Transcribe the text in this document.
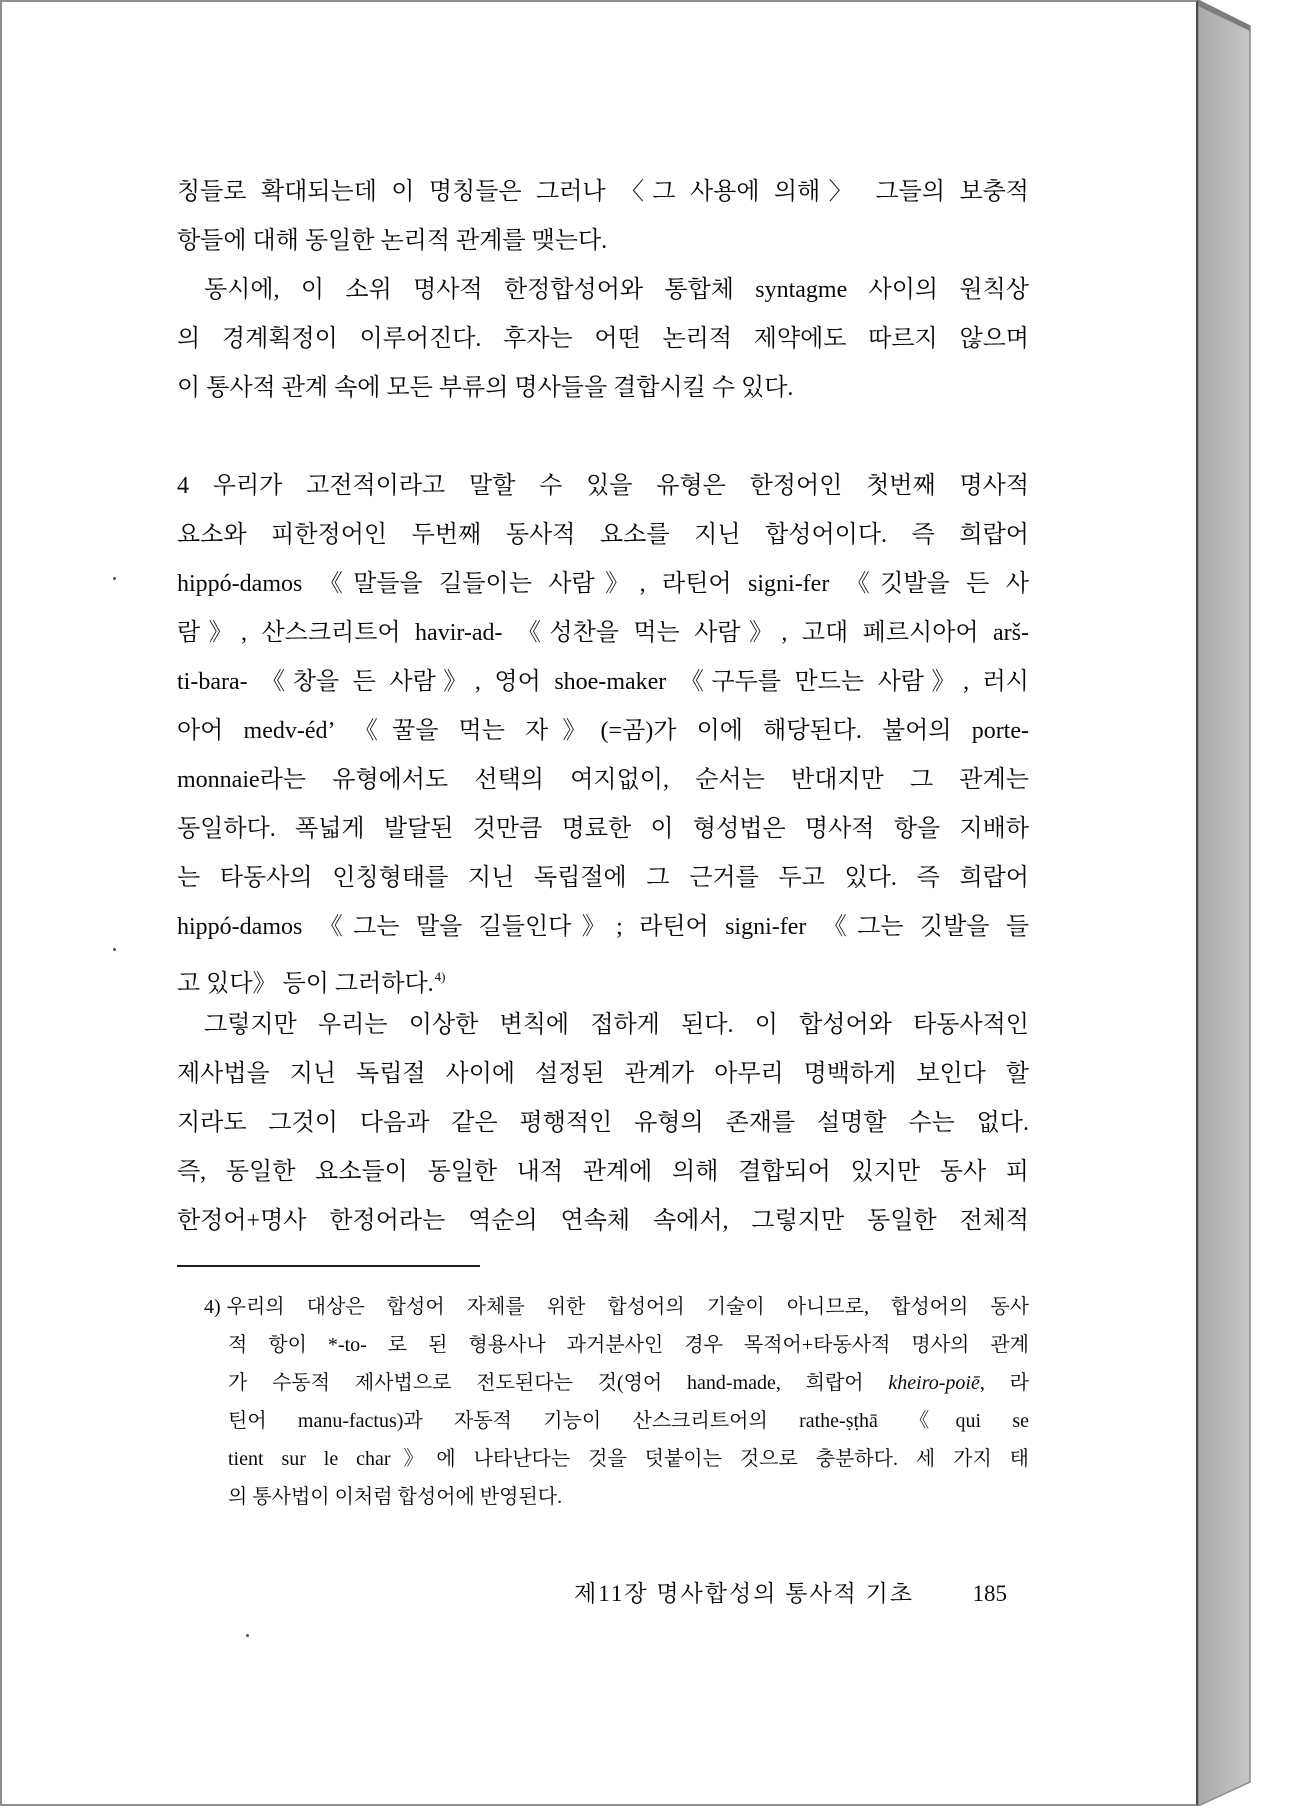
칭들로 확대되는데 이 명칭들은 그러나 〈그 사용에 의해〉 그들의 보충적
항들에 대해 동일한 논리적 관계를 맺는다.
동시에, 이 소위 명사적 한정합성어와 통합체 syntagme 사이의 원칙상
의 경계획정이 이루어진다. 후자는 어떤 논리적 제약에도 따르지 않으며
이 통사적 관계 속에 모든 부류의 명사들을 결합시킬 수 있다.
4 우리가 고전적이라고 말할 수 있을 유형은 한정어인 첫번째 명사적
요소와 피한정어인 두번째 동사적 요소를 지닌 합성어이다. 즉 희랍어
hippó-damos 《말들을 길들이는 사람》, 라틴어 signi-fer 《깃발을 든 사
람》, 산스크리트어 havir-ad- 《성찬을 먹는 사람》, 고대 페르시아어 arš-
ti-bara- 《창을 든 사람》, 영어 shoe-maker 《구두를 만드는 사람》, 러시
아어 medv-éd’ 《꿀을 먹는 자》(=곰)가 이에 해당된다. 불어의 porte-
monnaie라는 유형에서도 선택의 여지없이, 순서는 반대지만 그 관계는
동일하다. 폭넓게 발달된 것만큼 명료한 이 형성법은 명사적 항을 지배하
는 타동사의 인칭형태를 지닌 독립절에 그 근거를 두고 있다. 즉 희랍어
hippó-damos 《그는 말을 길들인다》; 라틴어 signi-fer 《그는 깃발을 들
고 있다》 등이 그러하다.$^{4)}$
그렇지만 우리는 이상한 변칙에 접하게 된다. 이 합성어와 타동사적인
제사법을 지닌 독립절 사이에 설정된 관계가 아무리 명백하게 보인다 할
지라도 그것이 다음과 같은 평행적인 유형의 존재를 설명할 수는 없다.
즉, 동일한 요소들이 동일한 내적 관계에 의해 결합되어 있지만 동사 피
한정어+명사 한정어라는 역순의 연속체 속에서, 그렇지만 동일한 전체적
4) 우리의 대상은 합성어 자체를 위한 합성어의 기술이 아니므로, 합성어의 동사
적 항이 *-to- 로 된 형용사나 과거분사인 경우 목적어+타동사적 명사의 관계
가 수동적 제사법으로 전도된다는 것(영어 hand-made, 희랍어 kheiro-poiē, 라
틴어 manu-factus)과 자동적 기능이 산스크리트어의 rathe-ṣṭhā 《qui se
tient sur le char》에 나타난다는 것을 덧붙이는 것으로 충분하다. 세 가지 태
의 통사법이 이처럼 합성어에 반영된다.
제11장 명사합성의 통사적 기초	185
